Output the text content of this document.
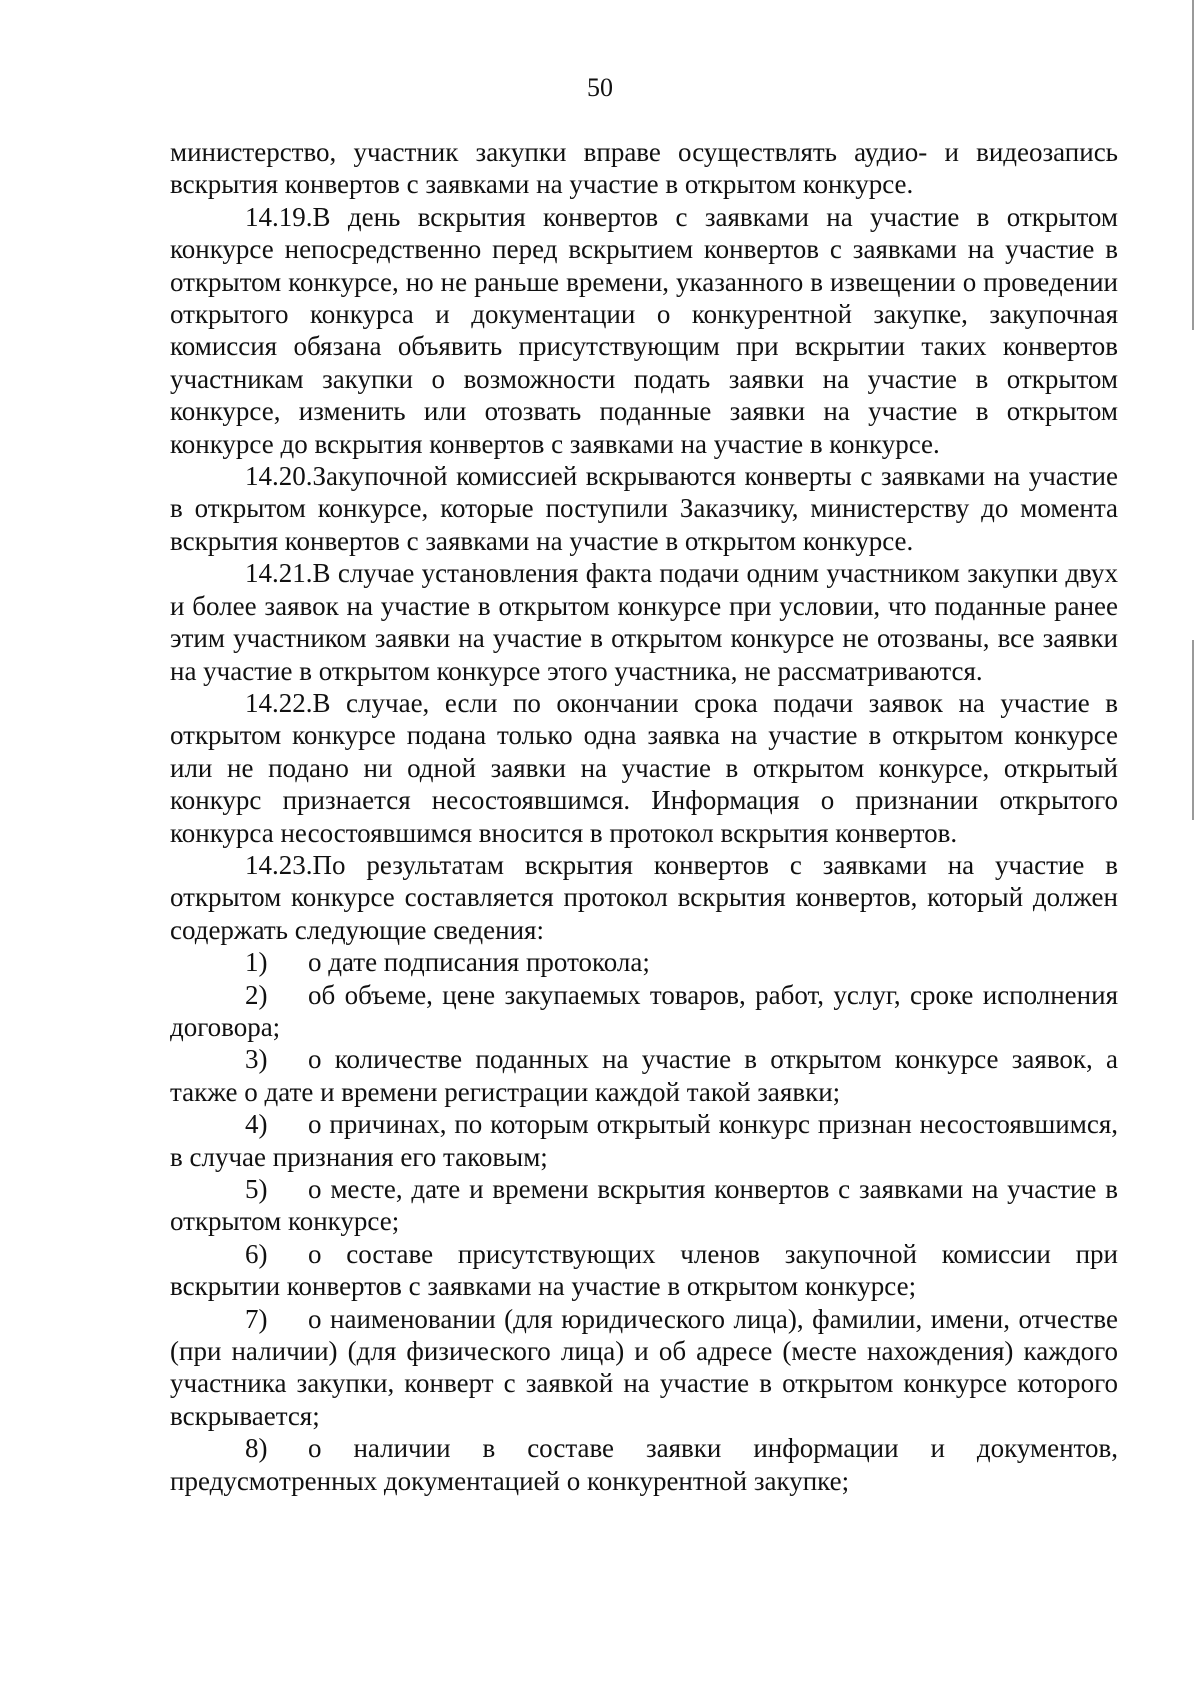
50

министерство, участник закупки вправе осуществлять аудио- и видеозапись вскрытия конвертов с заявками на участие в открытом конкурсе.

14.19.В день вскрытия конвертов с заявками на участие в открытом конкурсе непосредственно перед вскрытием конвертов с заявками на участие в открытом конкурсе, но не раньше времени, указанного в извещении о проведении открытого конкурса и документации о конкурентной закупке, закупочная комиссия обязана объявить присутствующим при вскрытии таких конвертов участникам закупки о возможности подать заявки на участие в открытом конкурсе, изменить или отозвать поданные заявки на участие в открытом конкурсе до вскрытия конвертов с заявками на участие в конкурсе.

14.20.Закупочной комиссией вскрываются конверты с заявками на участие в открытом конкурсе, которые поступили Заказчику, министерству до момента вскрытия конвертов с заявками на участие в открытом конкурсе.

14.21.В случае установления факта подачи одним участником закупки двух и более заявок на участие в открытом конкурсе при условии, что поданные ранее этим участником заявки на участие в открытом конкурсе не отозваны, все заявки на участие в открытом конкурсе этого участника, не рассматриваются.

14.22.В случае, если по окончании срока подачи заявок на участие в открытом конкурсе подана только одна заявка на участие в открытом конкурсе или не подано ни одной заявки на участие в открытом конкурсе, открытый конкурс признается несостоявшимся. Информация о признании открытого конкурса несостоявшимся вносится в протокол вскрытия конвертов.

14.23.По результатам вскрытия конвертов с заявками на участие в открытом конкурсе составляется протокол вскрытия конвертов, который должен содержать следующие сведения:

1) о дате подписания протокола;

2) об объеме, цене закупаемых товаров, работ, услуг, сроке исполнения договора;

3) о количестве поданных на участие в открытом конкурсе заявок, а также о дате и времени регистрации каждой такой заявки;

4) о причинах, по которым открытый конкурс признан несостоявшимся, в случае признания его таковым;

5) о месте, дате и времени вскрытия конвертов с заявками на участие в открытом конкурсе;

6) о составе присутствующих членов закупочной комиссии при вскрытии конвертов с заявками на участие в открытом конкурсе;

7) о наименовании (для юридического лица), фамилии, имени, отчестве (при наличии) (для физического лица) и об адресе (месте нахождения) каждого участника закупки, конверт с заявкой на участие в открытом конкурсе которого вскрывается;

8) о наличии в составе заявки информации и документов, предусмотренных документацией о конкурентной закупке;
